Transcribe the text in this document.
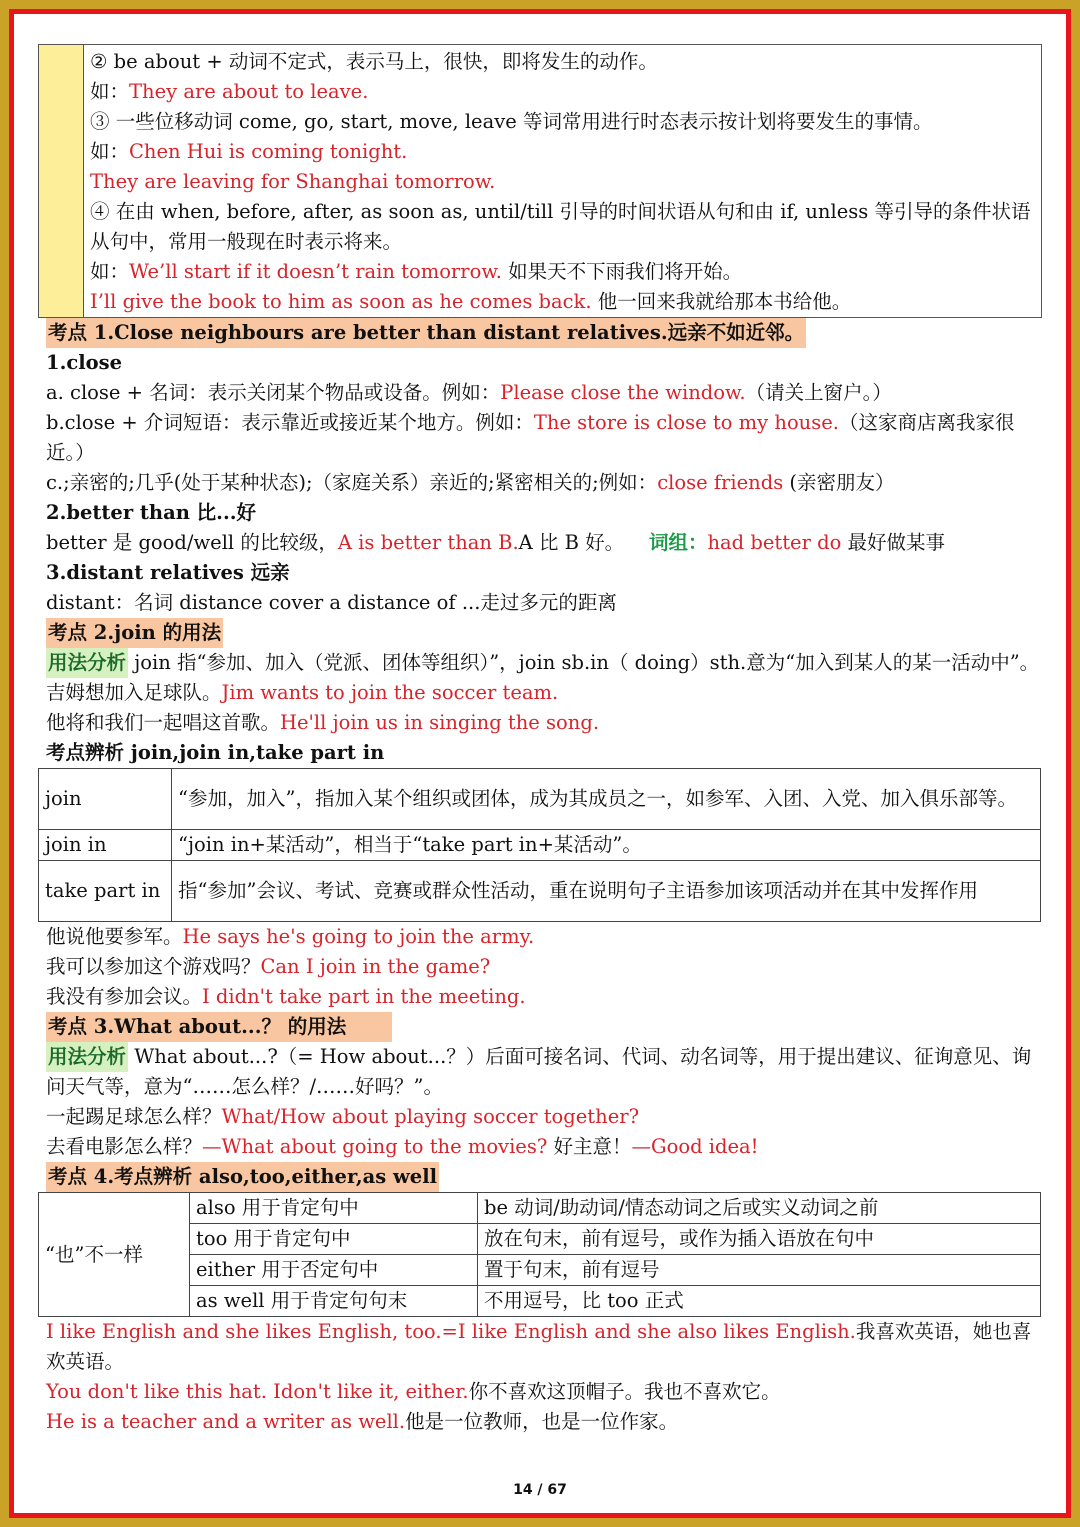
② be about + 动词不定式，表示马上，很快，即将发生的动作。
如：They are about to leave.
③ 一些位移动词 come, go, start, move, leave 等词常用进行时态表示按计划将要发生的事情。
如：Chen Hui is coming tonight.
They are leaving for Shanghai tomorrow.
④ 在由 when, before, after, as soon as, until/till 引导的时间状语从句和由 if, unless 等引导的条件状语从句中，常用一般现在时表示将来。
如：We’ll start if it doesn’t rain tomorrow. 如果天不下雨我们将开始。
I’ll give the book to him as soon as he comes back. 他一回来我就给那本书给他。
考点 1.Close neighbours are better than distant relatives.远亲不如近邻。
1.close
a. close + 名词：表示关闭某个物品或设备。例如：Please close the window.（请关上窗户。）
b.close + 介词短语：表示靠近或接近某个地方。例如：The store is close to my house.（这家商店离我家很近。）
c.;亲密的;几乎(处于某种状态);（家庭关系）亲近的;紧密相关的;例如：close friends (亲密朋友）
2.better than 比...好
better 是 good/well 的比较级，A is better than B.A 比 B 好。 词组：had better do 最好做某事
3.distant relatives 远亲
distant：名词 distance cover a distance of ...走过多元的距离
考点 2.join 的用法
用法分析 join 指“参加、加入（党派、团体等组织）”，join sb.in（ doing）sth.意为“加入到某人的某一活动中”。
吉姆想加入足球队。Jim wants to join the soccer team.
他将和我们一起唱这首歌。He'll join us in singing the song.
考点辨析 join,join in,take part in
join	“参加，加入”，指加入某个组织或团体，成为其成员之一，如参军、入团、入党、加入俱乐部等。
join in	“join in+某活动”，相当于“take part in+某活动”。
take part in	指“参加”会议、考试、竞赛或群众性活动，重在说明句子主语参加该项活动并在其中发挥作用
他说他要参军。He says he's going to join the army.
我可以参加这个游戏吗？Can I join in the game?
我没有参加会议。I didn't take part in the meeting.
考点 3.What about...？ 的用法
用法分析 What about...?（= How about...？）后面可接名词、代词、动名词等，用于提出建议、征询意见、询问天气等，意为“……怎么样？/……好吗？”。
一起踢足球怎么样？What/How about playing soccer together?
去看电影怎么样？—What about going to the movies? 好主意！—Good idea!
考点 4.考点辨析 also,too,either,as well
“也”不一样	also 用于肯定句中	be 动词/助动词/情态动词之后或实义动词之前
	too 用于肯定句中	放在句末，前有逗号，或作为插入语放在句中
	either 用于否定句中	置于句末，前有逗号
	as well 用于肯定句句末	不用逗号，比 too 正式
I like English and she likes English, too.=I like English and she also likes English.我喜欢英语，她也喜欢英语。
You don't like this hat. Idon't like it, either.你不喜欢这顶帽子。我也不喜欢它。
He is a teacher and a writer as well.他是一位教师，也是一位作家。
14 / 67
